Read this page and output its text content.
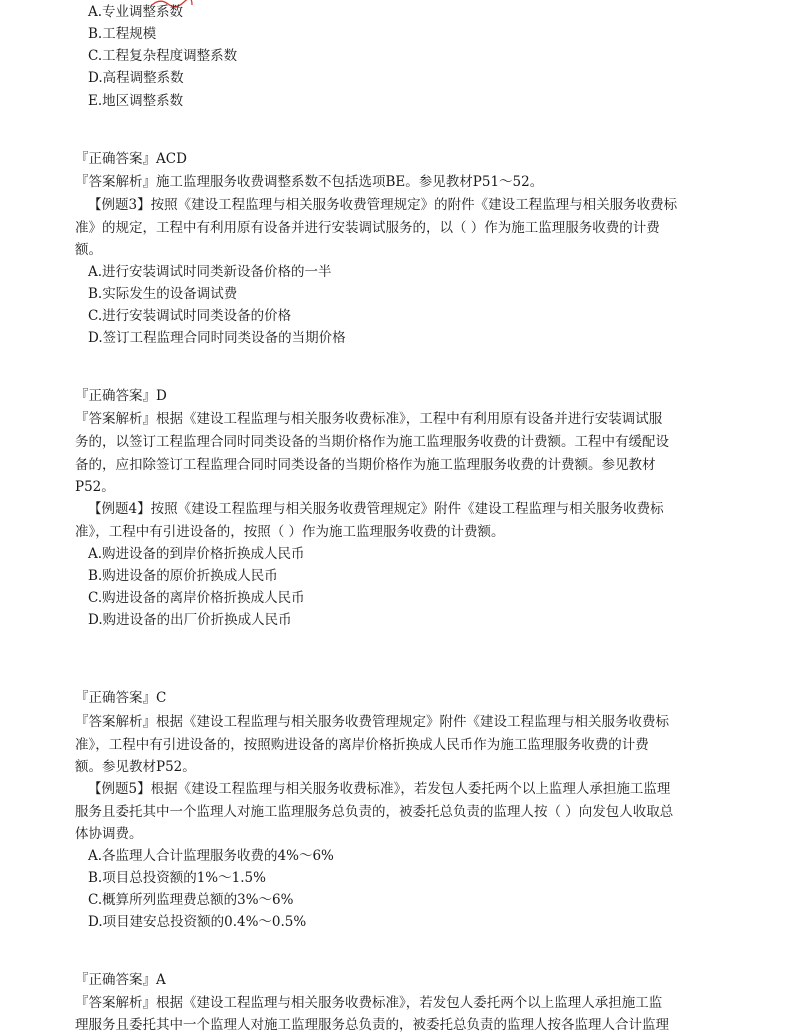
A.专业调整系数
B.工程规模
C.工程复杂程度调整系数
D.高程调整系数
E.地区调整系数
『正确答案』ACD
『答案解析』施工监理服务收费调整系数不包括选项BE。参见教材P51～52。
【例题3】按照《建设工程监理与相关服务收费管理规定》的附件《建设工程监理与相关服务收费标
准》的规定，工程中有利用原有设备并进行安装调试服务的，以（ ）作为施工监理服务收费的计费
额。
A.进行安装调试时同类新设备价格的一半
B.实际发生的设备调试费
C.进行安装调试时同类设备的价格
D.签订工程监理合同时同类设备的当期价格
『正确答案』D
『答案解析』根据《建设工程监理与相关服务收费标准》，工程中有利用原有设备并进行安装调试服
务的，以签订工程监理合同时同类设备的当期价格作为施工监理服务收费的计费额。工程中有缓配设
备的，应扣除签订工程监理合同时同类设备的当期价格作为施工监理服务收费的计费额。参见教材
P52。
【例题4】按照《建设工程监理与相关服务收费管理规定》附件《建设工程监理与相关服务收费标
准》，工程中有引进设备的，按照（ ）作为施工监理服务收费的计费额。
A.购进设备的到岸价格折换成人民币
B.购进设备的原价折换成人民币
C.购进设备的离岸价格折换成人民币
D.购进设备的出厂价折换成人民币
『正确答案』C
『答案解析』根据《建设工程监理与相关服务收费管理规定》附件《建设工程监理与相关服务收费标
准》，工程中有引进设备的，按照购进设备的离岸价格折换成人民币作为施工监理服务收费的计费
额。参见教材P52。
【例题5】根据《建设工程监理与相关服务收费标准》，若发包人委托两个以上监理人承担施工监理
服务且委托其中一个监理人对施工监理服务总负责的，被委托总负责的监理人按（ ）向发包人收取总
体协调费。
A.各监理人合计监理服务收费的4%～6%
B.项目总投资额的1%～1.5%
C.概算所列监理费总额的3%～6%
D.项目建安总投资额的0.4%～0.5%
『正确答案』A
『答案解析』根据《建设工程监理与相关服务收费标准》，若发包人委托两个以上监理人承担施工监
理服务且委托其中一个监理人对施工监理服务总负责的，被委托总负责的监理人按各监理人合计监理
